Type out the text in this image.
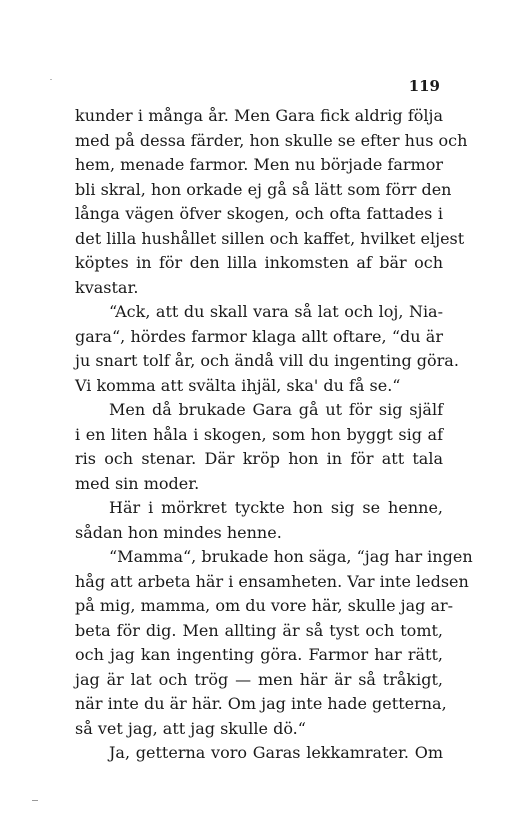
119
kunder i många år. Men Gara fick aldrig följa
med på dessa färder, hon skulle se efter hus och
hem, menade farmor. Men nu började farmor
bli skral, hon orkade ej gå så lätt som förr den
långa vägen öfver skogen, och ofta fattades i
det lilla hushållet sillen och kaffet, hvilket eljest
köptes in för den lilla inkomsten af bär och
kvastar.
“Ack, att du skall vara så lat och loj, Nia-
gara“, hördes farmor klaga allt oftare, “du är
ju snart tolf år, och ändå vill du ingenting göra.
Vi komma att svälta ihjäl, ska' du få se.“
Men då brukade Gara gå ut för sig själf
i en liten håla i skogen, som hon byggt sig af
ris och stenar. Där kröp hon in för att tala
med sin moder.
Här i mörkret tyckte hon sig se henne,
sådan hon mindes henne.
“Mamma“, brukade hon säga, “jag har ingen
håg att arbeta här i ensamheten. Var inte ledsen
på mig, mamma, om du vore här, skulle jag ar-
beta för dig. Men allting är så tyst och tomt,
och jag kan ingenting göra. Farmor har rätt,
jag är lat och trög — men här är så tråkigt,
när inte du är här. Om jag inte hade getterna,
så vet jag, att jag skulle dö.“
Ja, getterna voro Garas lekkamrater. Om
